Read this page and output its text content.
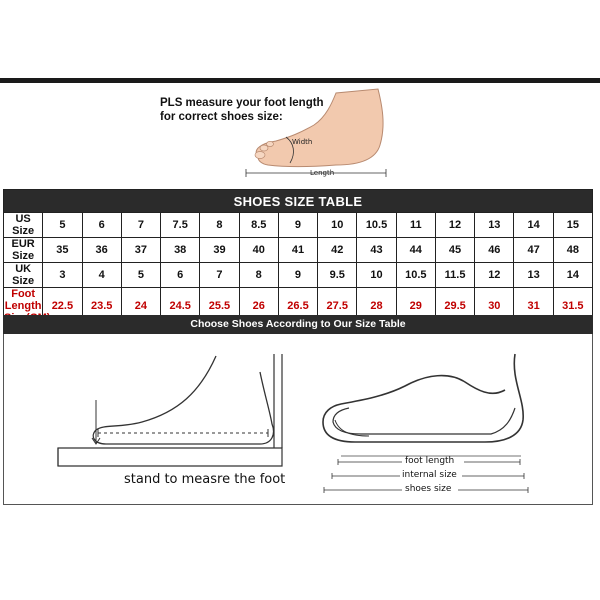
PLS measure your foot length
for correct shoes size:
Width
Length
SHOES SIZE TABLE														
US Size	5	6	7	7.5	8	8.5	9	10	10.5	11	12	13	14	15
EUR Size	35	36	37	38	39	40	41	42	43	44	45	46	47	48
UK Size	3	4	5	6	7	8	9	9.5	10	10.5	11.5	12	13	14

Foot Length	22.5	23.5	24	24.5	25.5	26	26.5	27.5	28	29	29.5	30	31	31.5
Choose Shoes According to Our Size Table
stand to measre the foot
foot length
internal size
shoes size
